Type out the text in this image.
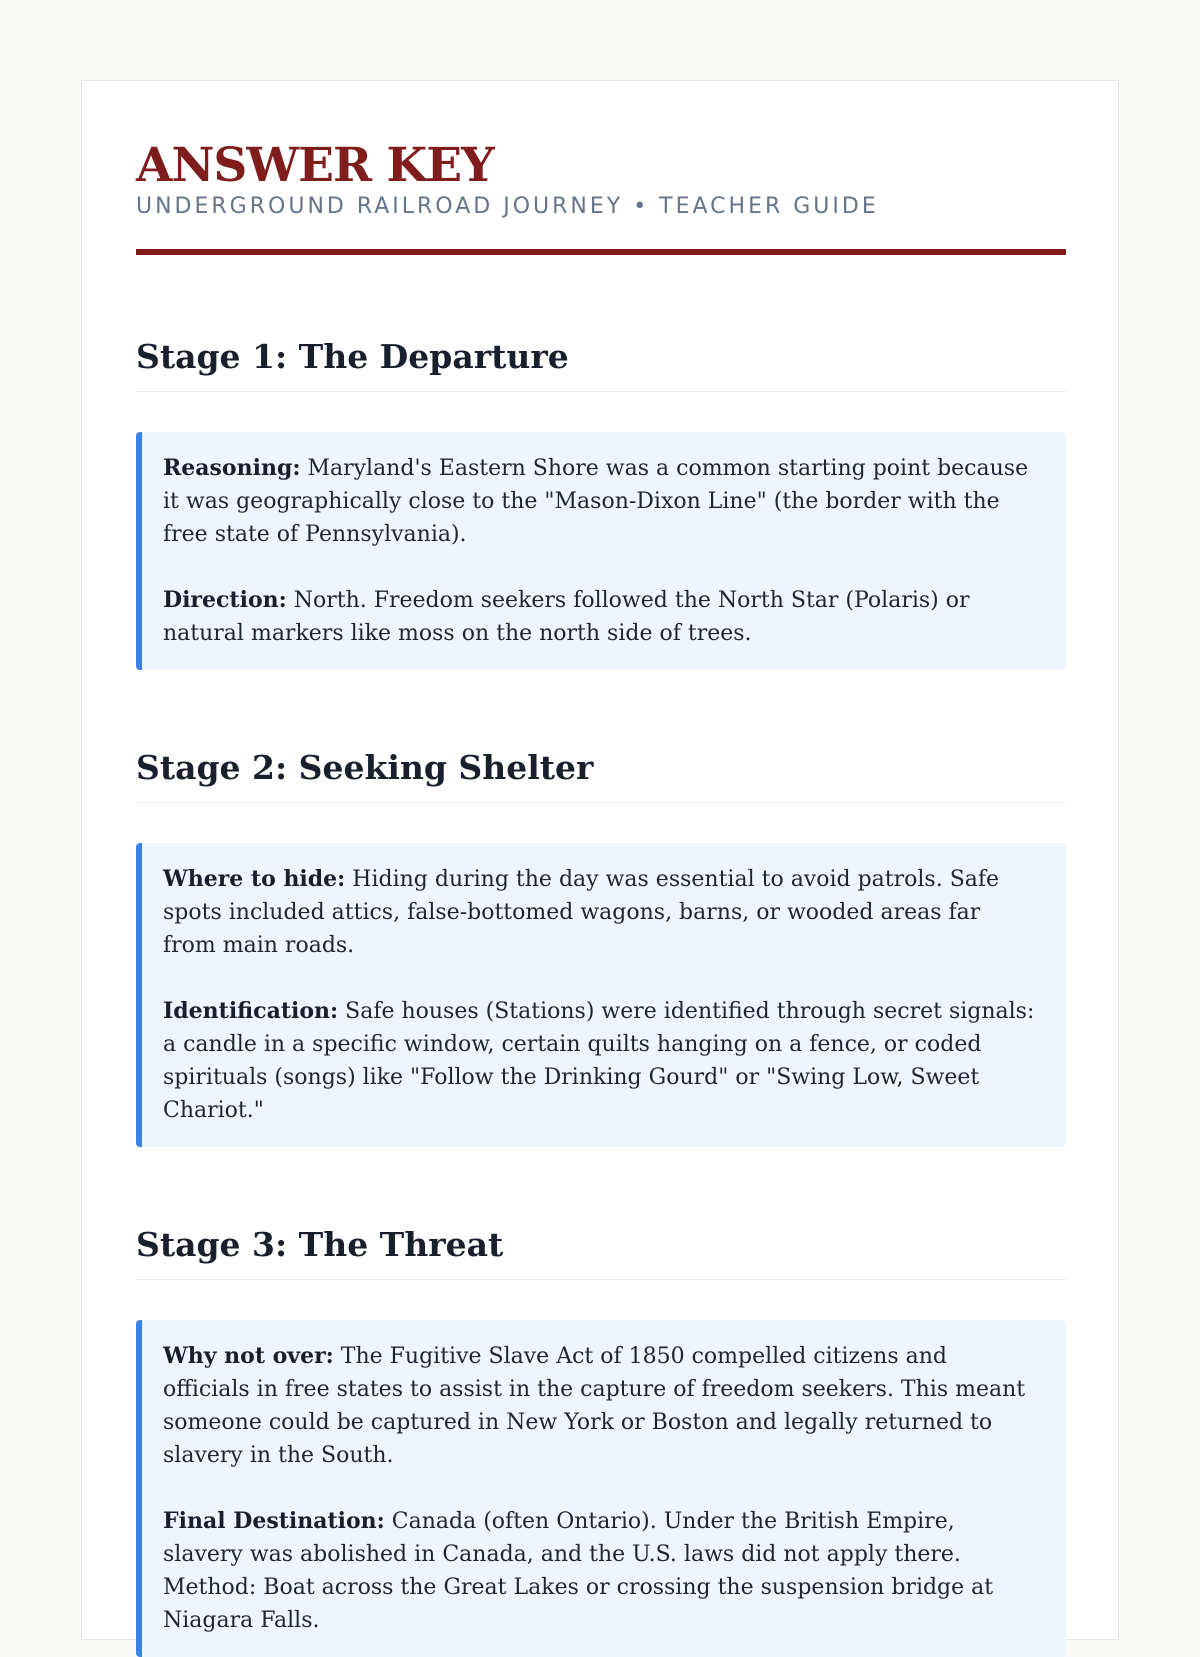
ANSWER KEY
UNDERGROUND RAILROAD JOURNEY • TEACHER GUIDE
Stage 1: The Departure

Reasoning: Maryland's Eastern Shore was a common starting point because it was geographically close to the "Mason-Dixon Line" (the border with the free state of Pennsylvania).

Direction: North. Freedom seekers followed the North Star (Polaris) or natural markers like moss on the north side of trees.

Stage 2: Seeking Shelter

Where to hide: Hiding during the day was essential to avoid patrols. Safe spots included attics, false-bottomed wagons, barns, or wooded areas far from main roads.

Identification: Safe houses (Stations) were identified through secret signals: a candle in a specific window, certain quilts hanging on a fence, or coded spirituals (songs) like "Follow the Drinking Gourd" or "Swing Low, Sweet Chariot."

Stage 3: The Threat

Why not over: The Fugitive Slave Act of 1850 compelled citizens and officials in free states to assist in the capture of freedom seekers. This meant someone could be captured in New York or Boston and legally returned to slavery in the South.

Final Destination: Canada (often Ontario). Under the British Empire, slavery was abolished in Canada, and the U.S. laws did not apply there. Method: Boat across the Great Lakes or crossing the suspension bridge at Niagara Falls.
